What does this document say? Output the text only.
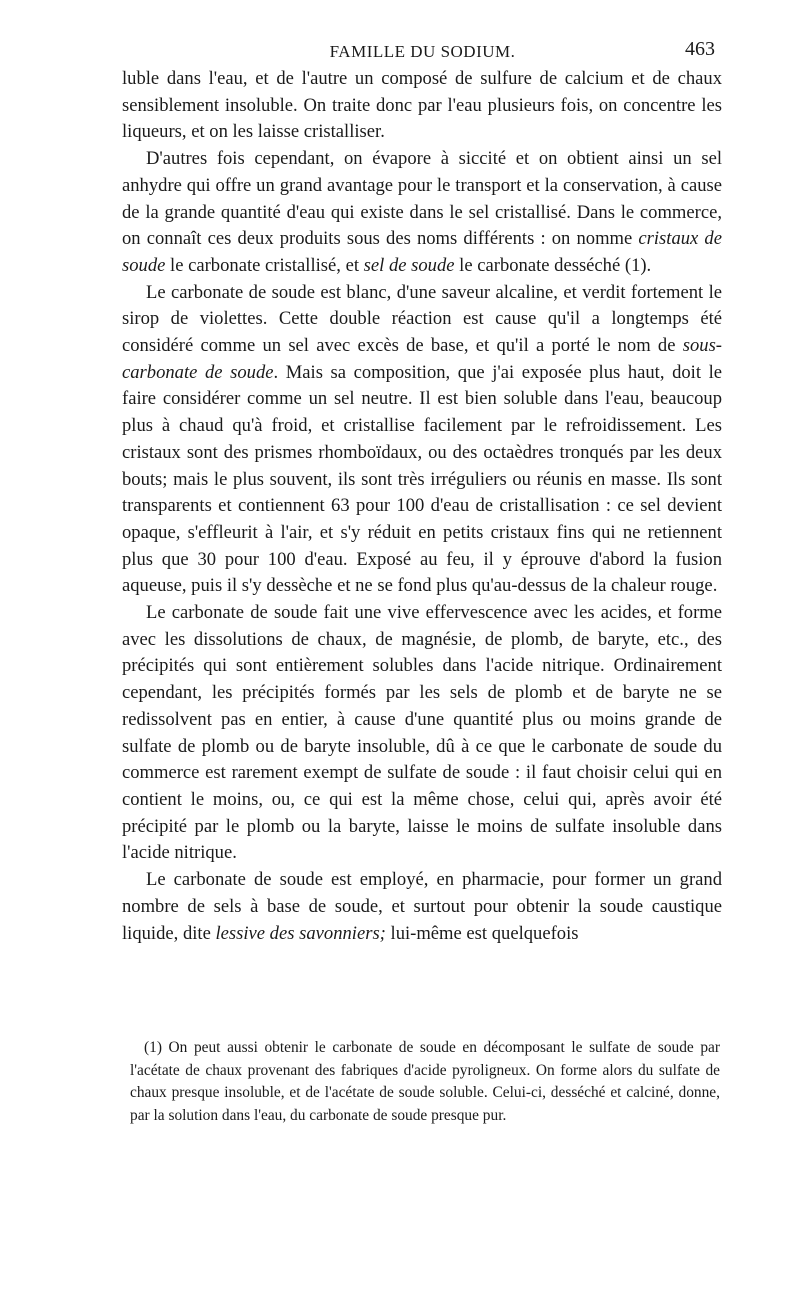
FAMILLE DU SODIUM.	463

luble dans l'eau, et de l'autre un composé de sulfure de calcium et de chaux sensiblement insoluble. On traite donc par l'eau plusieurs fois, on concentre les liqueurs, et on les laisse cristalliser.

D'autres fois cependant, on évapore à siccité et on obtient ainsi un sel anhydre qui offre un grand avantage pour le transport et la conservation, à cause de la grande quantité d'eau qui existe dans le sel cristallisé. Dans le commerce, on connaît ces deux produits sous des noms différents : on nomme cristaux de soude le carbonate cristallisé, et sel de soude le carbonate desséché (1).

Le carbonate de soude est blanc, d'une saveur alcaline, et verdit fortement le sirop de violettes. Cette double réaction est cause qu'il a longtemps été considéré comme un sel avec excès de base, et qu'il a porté le nom de sous-carbonate de soude. Mais sa composition, que j'ai exposée plus haut, doit le faire considérer comme un sel neutre. Il est bien soluble dans l'eau, beaucoup plus à chaud qu'à froid, et cristallise facilement par le refroidissement. Les cristaux sont des prismes rhomboïdaux, ou des octaèdres tronqués par les deux bouts; mais le plus souvent, ils sont très irréguliers ou réunis en masse. Ils sont transparents et contiennent 63 pour 100 d'eau de cristallisation : ce sel devient opaque, s'effleurit à l'air, et s'y réduit en petits cristaux fins qui ne retiennent plus que 30 pour 100 d'eau. Exposé au feu, il y éprouve d'abord la fusion aqueuse, puis il s'y dessèche et ne se fond plus qu'au-dessus de la chaleur rouge.

Le carbonate de soude fait une vive effervescence avec les acides, et forme avec les dissolutions de chaux, de magnésie, de plomb, de baryte, etc., des précipités qui sont entièrement solubles dans l'acide nitrique. Ordinairement cependant, les précipités formés par les sels de plomb et de baryte ne se redissolvent pas en entier, à cause d'une quantité plus ou moins grande de sulfate de plomb ou de baryte insoluble, dû à ce que le carbonate de soude du commerce est rarement exempt de sulfate de soude : il faut choisir celui qui en contient le moins, ou, ce qui est la même chose, celui qui, après avoir été précipité par le plomb ou la baryte, laisse le moins de sulfate insoluble dans l'acide nitrique.

Le carbonate de soude est employé, en pharmacie, pour former un grand nombre de sels à base de soude, et surtout pour obtenir la soude caustique liquide, dite lessive des savonniers; lui-même est quelquefois

(1) On peut aussi obtenir le carbonate de soude en décomposant le sulfate de soude par l'acétate de chaux provenant des fabriques d'acide pyroligneux. On forme alors du sulfate de chaux presque insoluble, et de l'acétate de soude soluble. Celui-ci, desséché et calciné, donne, par la solution dans l'eau, du carbonate de soude presque pur.
